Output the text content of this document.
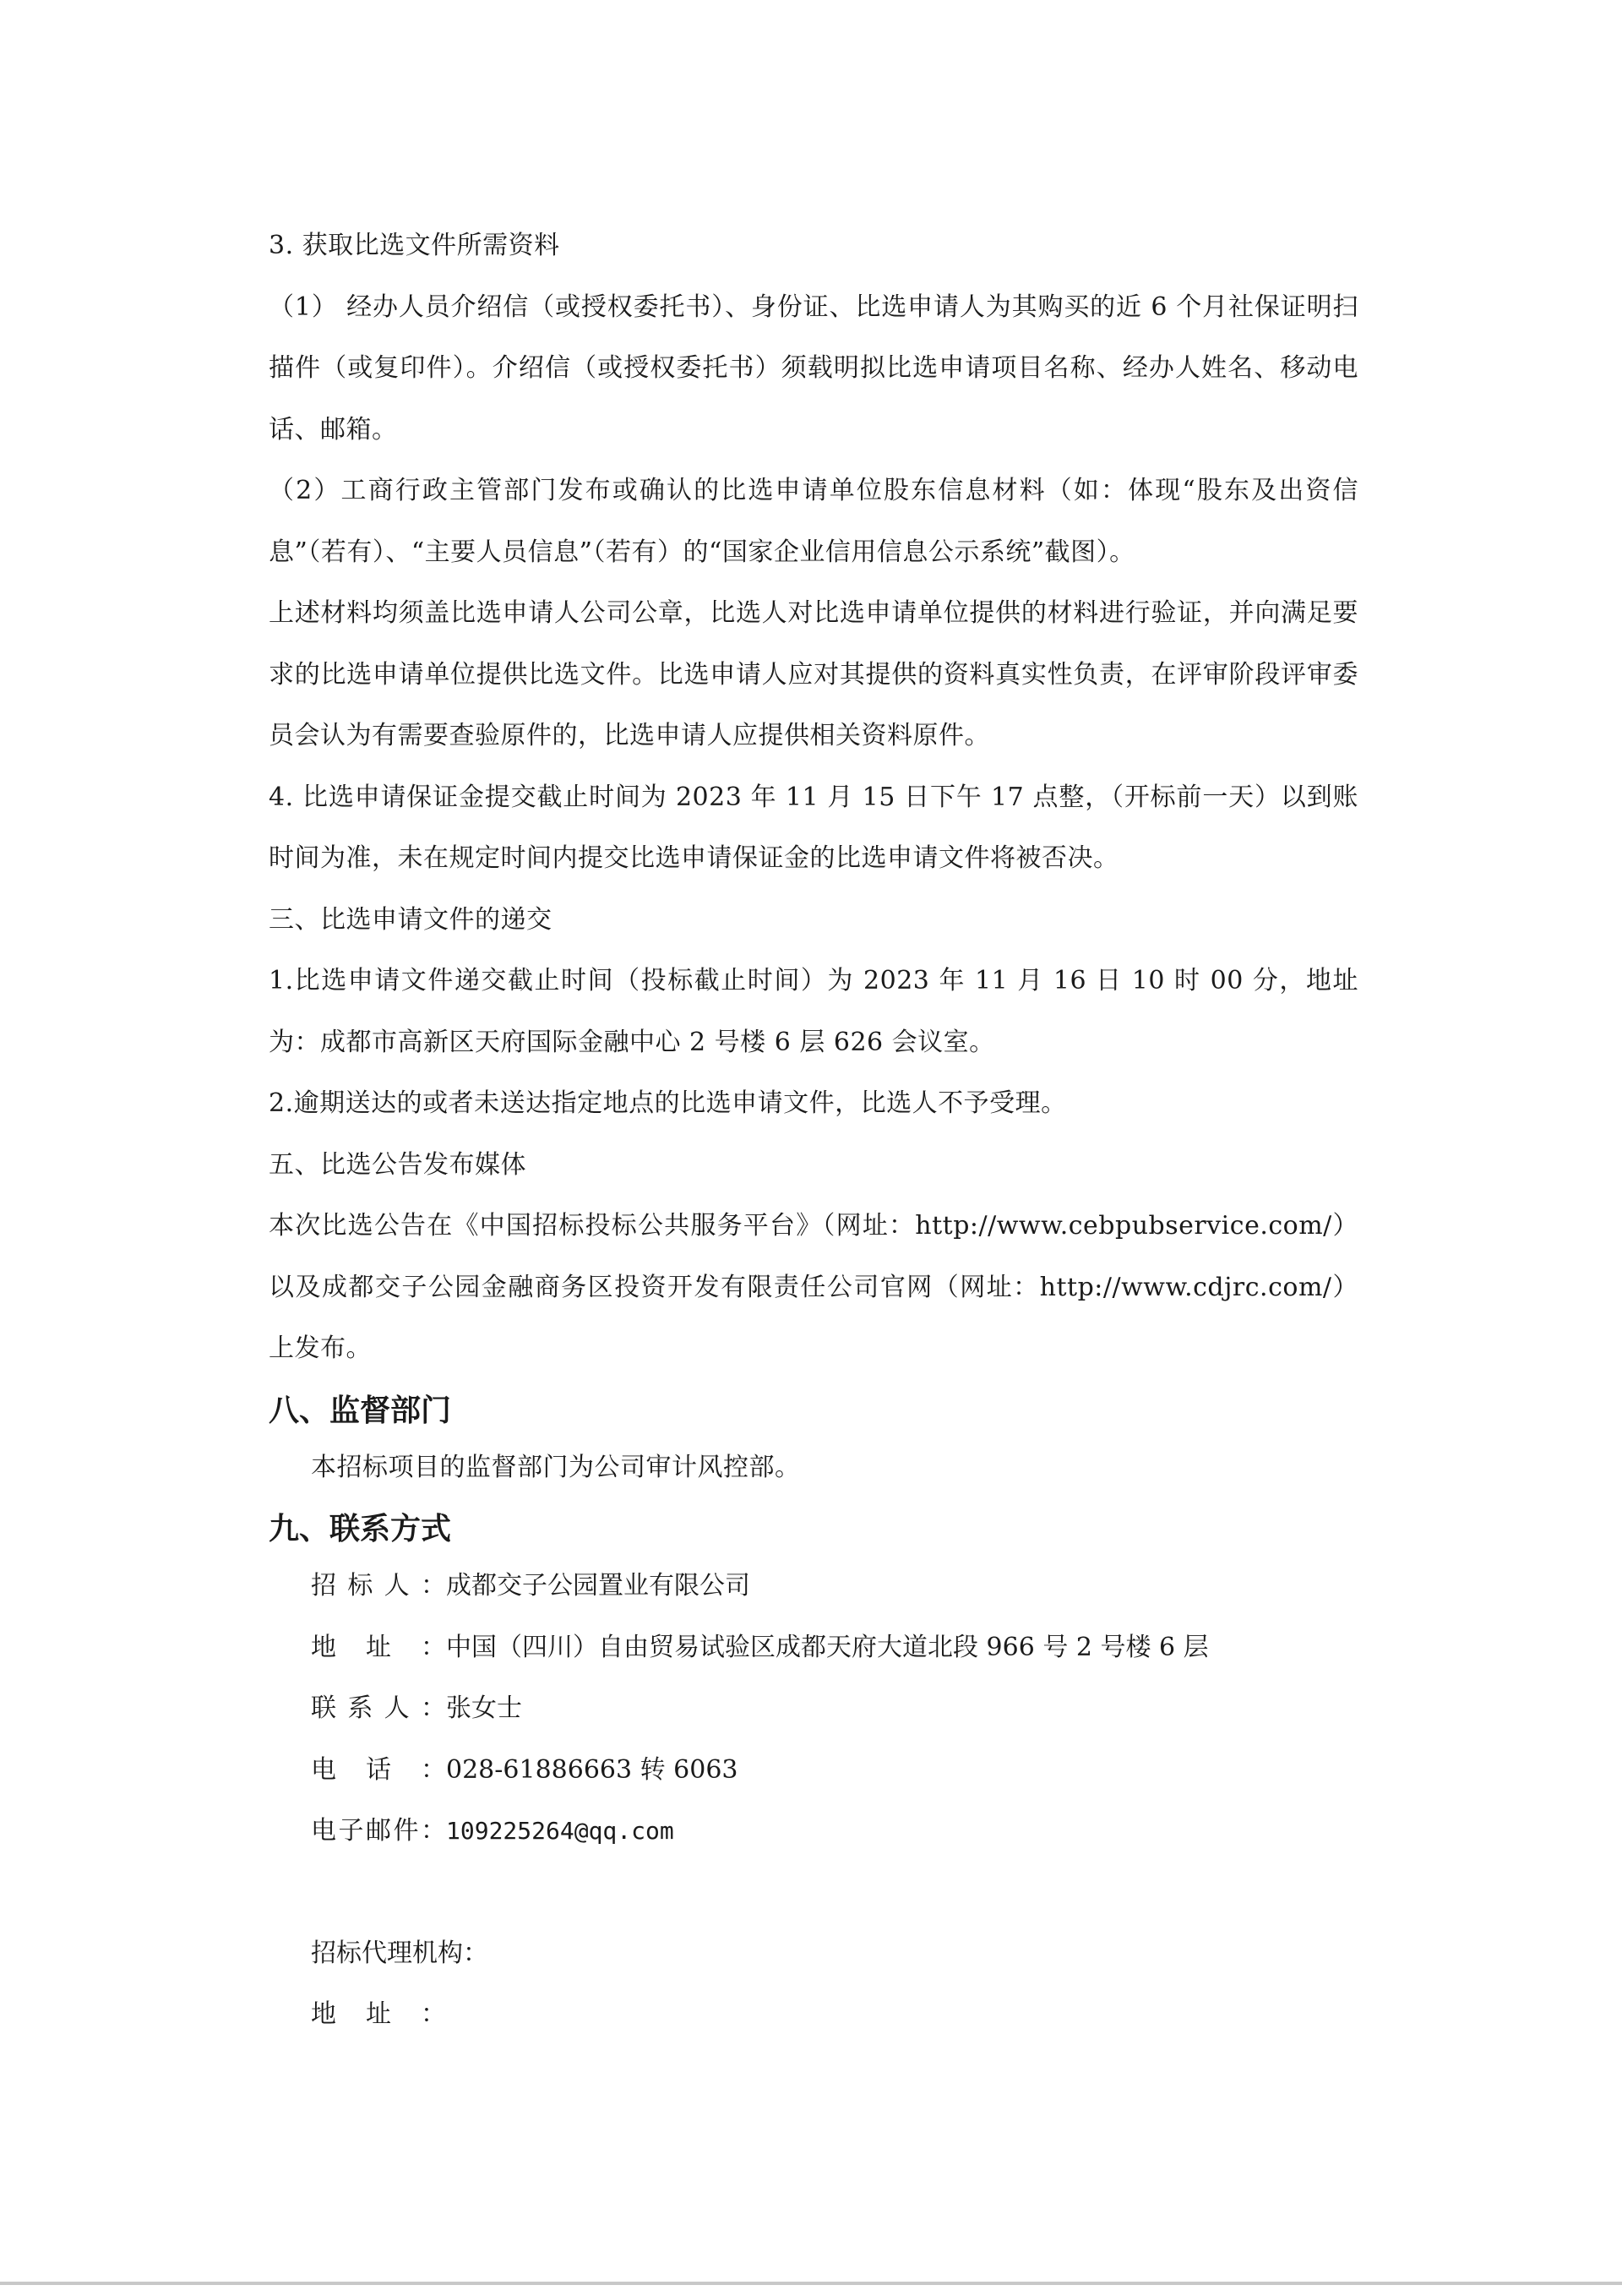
3. 获取比选文件所需资料
（1） 经办人员介绍信（或授权委托书）、身份证、比选申请人为其购买的近 6 个月社保证明扫描件（或复印件）。介绍信（或授权委托书）须载明拟比选申请项目名称、经办人姓名、移动电话、邮箱。
（2）工商行政主管部门发布或确认的比选申请单位股东信息材料（如：体现“股东及出资信息”（若有）、“主要人员信息”（若有）的“国家企业信用信息公示系统”截图）。
上述材料均须盖比选申请人公司公章，比选人对比选申请单位提供的材料进行验证，并向满足要求的比选申请单位提供比选文件。比选申请人应对其提供的资料真实性负责，在评审阶段评审委员会认为有需要查验原件的，比选申请人应提供相关资料原件。
4. 比选申请保证金提交截止时间为 2023 年 11 月 15 日下午 17 点整，（开标前一天）以到账时间为准，未在规定时间内提交比选申请保证金的比选申请文件将被否决。
三、比选申请文件的递交
1.比选申请文件递交截止时间（投标截止时间）为 2023 年 11 月 16 日 10 时 00 分，地址为：成都市高新区天府国际金融中心 2 号楼 6 层 626 会议室。
2.逾期送达的或者未送达指定地点的比选申请文件，比选人不予受理。
五、比选公告发布媒体
本次比选公告在《中国招标投标公共服务平台》（网址：http://www.cebpubservice.com/）以及成都交子公园金融商务区投资开发有限责任公司官网（网址：http://www.cdjrc.com/）上发布。
八、监督部门
本招标项目的监督部门为公司审计风控部。
九、联系方式
招标人： 成都交子公园置业有限公司
地址： 中国（四川）自由贸易试验区成都天府大道北段 966 号 2 号楼 6 层
联系人： 张女士
电话： 028-61886663 转 6063
电子邮件： 109225264@qq.com
招标代理机构：
地址：
